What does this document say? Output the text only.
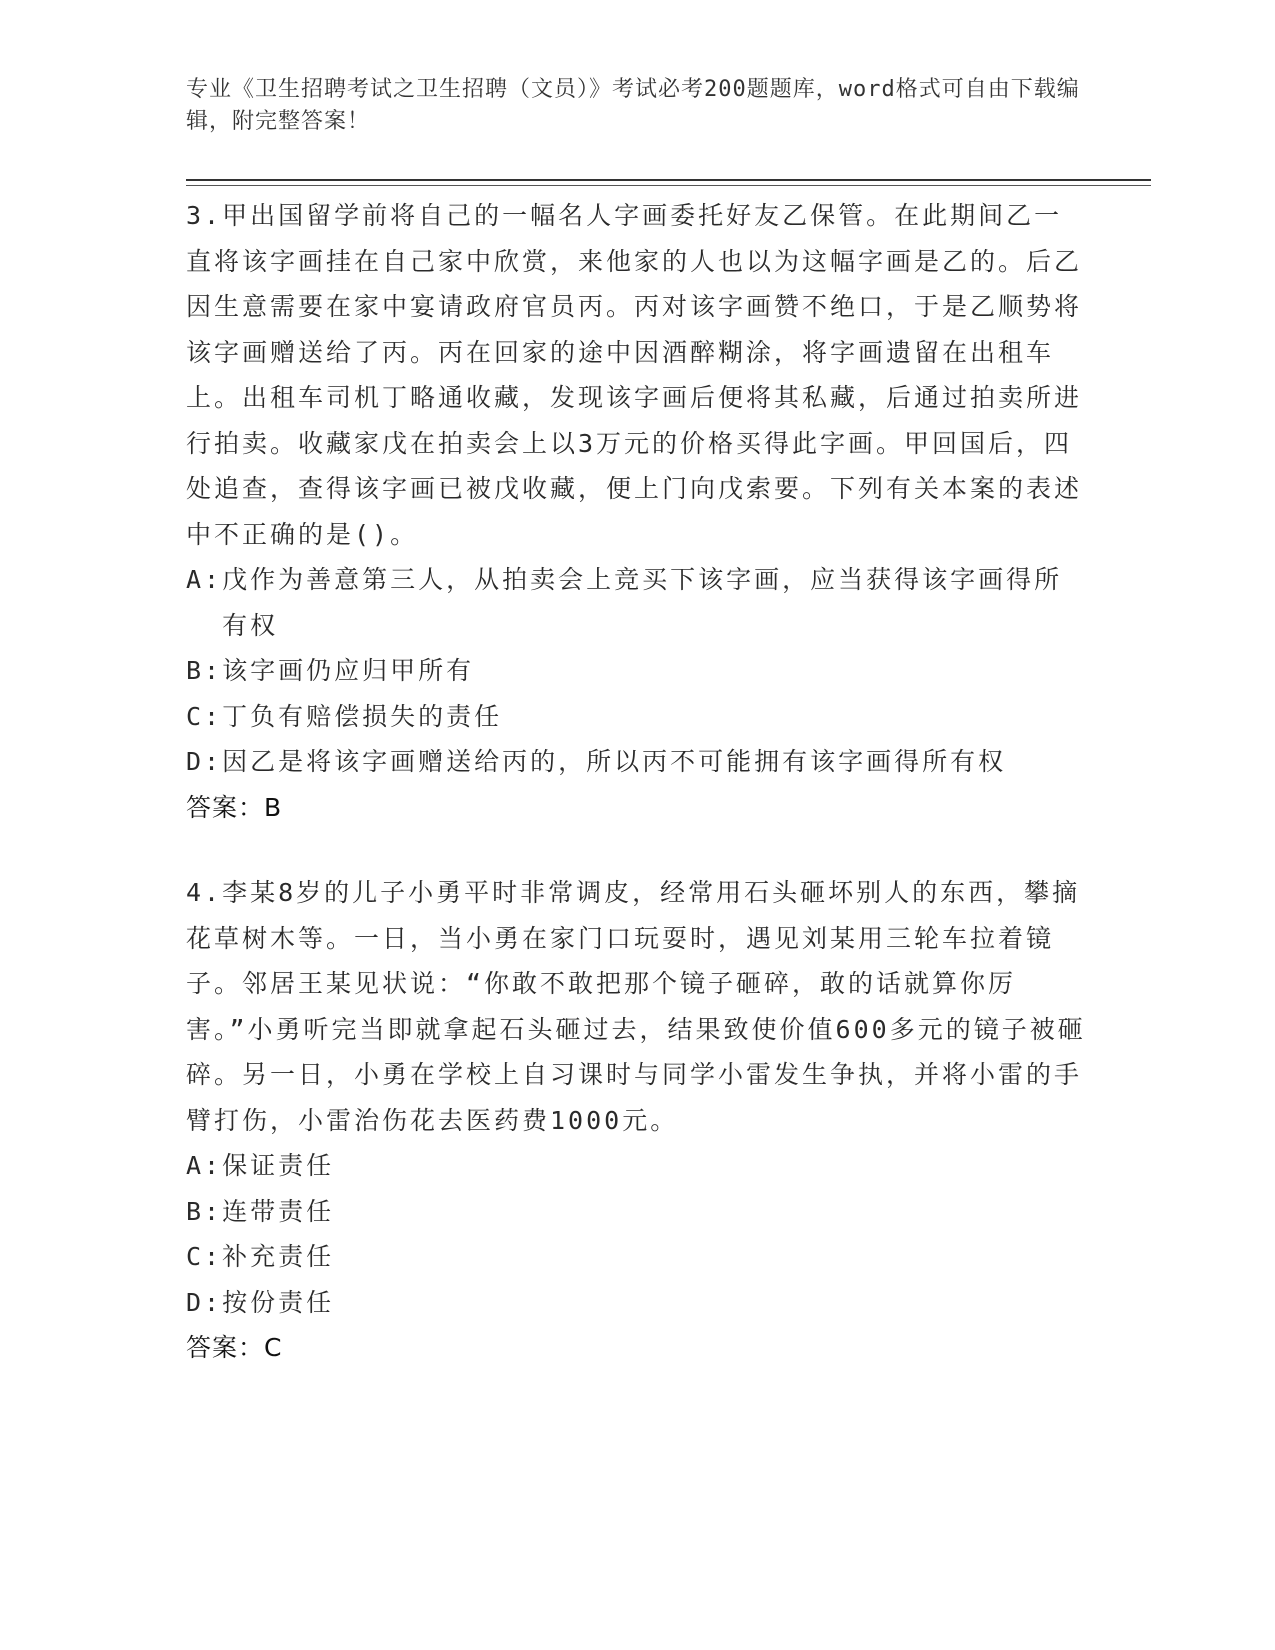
专业《卫生招聘考试之卫生招聘（文员）》考试必考200题题库，word格式可自由下载编辑，附完整答案！

3.甲出国留学前将自己的一幅名人字画委托好友乙保管。在此期间乙一直将该字画挂在自己家中欣赏，来他家的人也以为这幅字画是乙的。后乙因生意需要在家中宴请政府官员丙。丙对该字画赞不绝口，于是乙顺势将该字画赠送给了丙。丙在回家的途中因酒醉糊涂，将字画遗留在出租车上。出租车司机丁略通收藏，发现该字画后便将其私藏，后通过拍卖所进行拍卖。收藏家戊在拍卖会上以3万元的价格买得此字画。甲回国后，四处追查，查得该字画已被戊收藏，便上门向戊索要。下列有关本案的表述中不正确的是()。

A: 戊作为善意第三人，从拍卖会上竞买下该字画，应当获得该字画得所有权
B: 该字画仍应归甲所有
C: 丁负有赔偿损失的责任
D: 因乙是将该字画赠送给丙的，所以丙不可能拥有该字画得所有权

答案：B

4.李某8岁的儿子小勇平时非常调皮，经常用石头砸坏别人的东西，攀摘花草树木等。一日，当小勇在家门口玩耍时，遇见刘某用三轮车拉着镜子。邻居王某见状说：“你敢不敢把那个镜子砸碎，敢的话就算你厉害。”小勇听完当即就拿起石头砸过去，结果致使价值600多元的镜子被砸碎。另一日，小勇在学校上自习课时与同学小雷发生争执，并将小雷的手臂打伤，小雷治伤花去医药费1000元。

A: 保证责任
B: 连带责任
C: 补充责任
D: 按份责任

答案：C
